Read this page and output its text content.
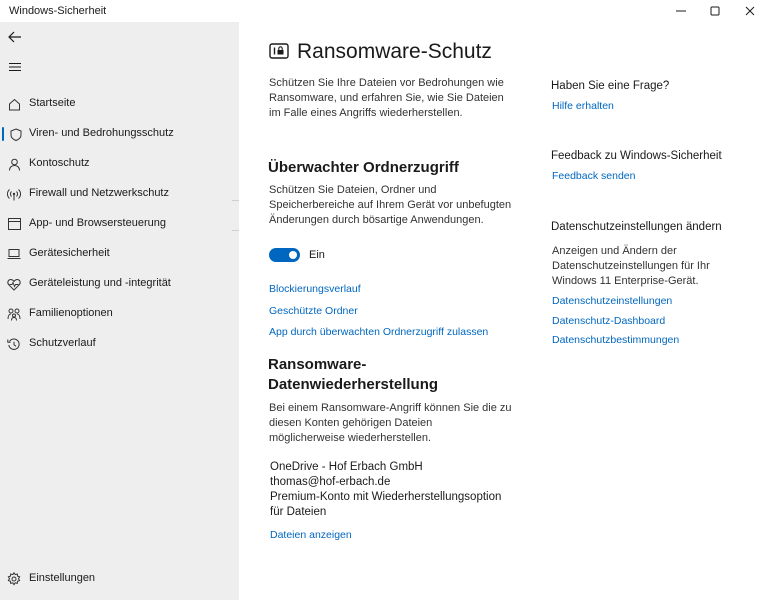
Windows-Sicherheit
Startseite
Viren- und Bedrohungsschutz
Kontoschutz
Firewall und Netzwerkschutz
App- und Browsersteuerung
Gerätesicherheit
Geräteleistung und -integrität
Familienoptionen
Schutzverlauf
Einstellungen
Ransomware-Schutz
Schützen Sie Ihre Dateien vor Bedrohungen wie
Ransomware, und erfahren Sie, wie Sie Dateien
im Falle eines Angriffs wiederherstellen.
Überwachter Ordnerzugriff
Schützen Sie Dateien, Ordner und
Speicherbereiche auf Ihrem Gerät vor unbefugten
Änderungen durch bösartige Anwendungen.
Ein
Blockierungsverlauf
Geschützte Ordner
App durch überwachten Ordnerzugriff zulassen
Ransomware-
Datenwiederherstellung
Bei einem Ransomware-Angriff können Sie die zu
diesen Konten gehörigen Dateien
möglicherweise wiederherstellen.
OneDrive - Hof Erbach GmbH
thomas@hof-erbach.de
Premium-Konto mit Wiederherstellungsoption
für Dateien
Dateien anzeigen
Haben Sie eine Frage?
Hilfe erhalten
Feedback zu Windows-Sicherheit
Feedback senden
Datenschutzeinstellungen ändern
Anzeigen und Ändern der
Datenschutzeinstellungen für Ihr
Windows 11 Enterprise-Gerät.
Datenschutzeinstellungen
Datenschutz-Dashboard
Datenschutzbestimmungen
